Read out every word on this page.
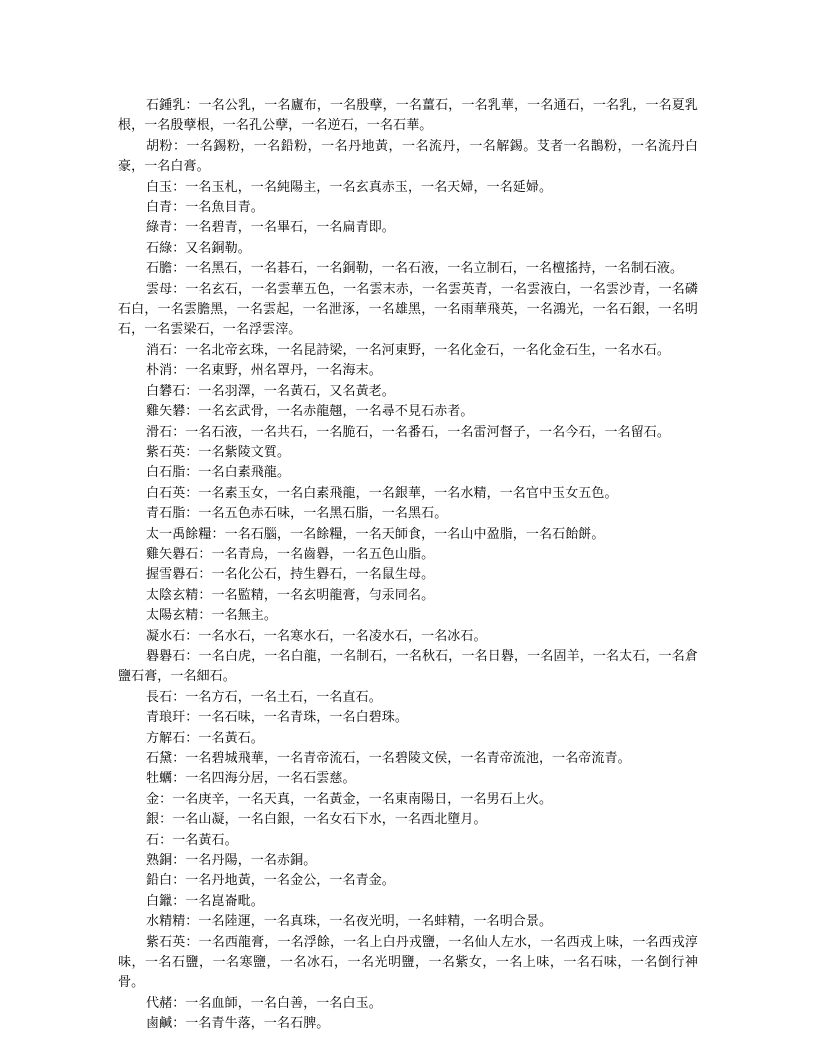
石鍾乳：一名公乳，一名廬布，一名殷孽，一名薑石，一名乳華，一名通石，一名乳，一名夏乳根，一名殷孽根，一名孔公孽，一名逆石，一名石華。

胡粉：一名錫粉，一名鉛粉，一名丹地黃，一名流丹，一名解錫。𦫿者一名鵲粉，一名流丹白豪，一名白膏。

白玉：一名玉札，一名純陽主，一名玄真赤玉，一名天婦，一名延婦。

白青：一名魚目青。

綠青：一名碧青，一名畢石，一名扁青即。

石綠：又名銅勒。

石膽：一名黑石，一名碁石，一名銅勒，一名石液，一名立制石，一名檀搖持，一名制石液。

雲母：一名玄石，一名雲華五色，一名雲末赤，一名雲英青，一名雲液白，一名雲沙青，一名磷石白，一名雲膽黑，一名雲起，一名泄涿，一名雄黑，一名雨華飛英，一名鴻光，一名石銀，一名明石，一名雲梁石，一名浮雲滓。

消石：一名北帝玄珠，一名昆詩梁，一名河東野，一名化金石，一名化金石生，一名水石。

朴消：一名東野，州名罩丹，一名海末。

白礬石：一名羽澤，一名黃石，又名黃老。

雞矢礬：一名玄武骨，一名赤龍翹，一名尋不見石赤者。

滑石：一名石液，一名共石，一名脆石，一名番石，一名雷河督子，一名今石，一名留石。

紫石英：一名紫陵文質。

白石脂：一名白素飛龍。

白石英：一名素玉女，一名白素飛龍，一名銀華，一名水精，一名官中玉女五色。

青石脂：一名五色赤石味，一名黑石脂，一名黑石。

太一禹餘糧：一名石腦，一名餘糧，一名天師食，一名山中盈脂，一名石飴餅。

雞矢礜石：一名青烏，一名齒礜，一名五色山脂。

握雪礜石：一名化公石，持生礜石，一名鼠生母。

太陰玄精：一名監精，一名玄明龍膏，勻汞同名。

太陽玄精：一名無主。

凝水石：一名水石，一名寒水石，一名凌水石，一名冰石。

礜礜石：一名白虎，一名白龍，一名制石，一名秋石，一名日礜，一名固羊，一名太石，一名倉鹽石膏，一名細石。

長石：一名方石，一名土石，一名直石。

青琅玕：一名石味，一名青珠，一名白碧珠。

方解石：一名黃石。

石黛：一名碧城飛華，一名青帝流石，一名碧陵文侯，一名青帝流池，一名帝流青。

牡蠣：一名四海分居，一名石雲慈。

金：一名庚辛，一名天真，一名黃金，一名東南陽日，一名男石上火。

銀：一名山凝，一名白銀，一名女石下水，一名西北墮月。

石：一名黃石。

熟銅：一名丹陽，一名赤銅。

鉛白：一名丹地黃，一名金公，一名青金。

白鑞：一名崑崙毗。

水精精：一名陸運，一名真珠，一名夜光明，一名蚌精，一名明合景。

紫石英：一名西龍膏，一名浮餘，一名上白丹戎鹽，一名仙人左水，一名西戎上味，一名西戎淳味，一名石鹽，一名寒鹽，一名冰石，一名光明鹽，一名紫女，一名上味，一名石味，一名倒行神骨。

代赭：一名血師，一名白善，一名白玉。

鹵鹹：一名青牛落，一名石脾。
